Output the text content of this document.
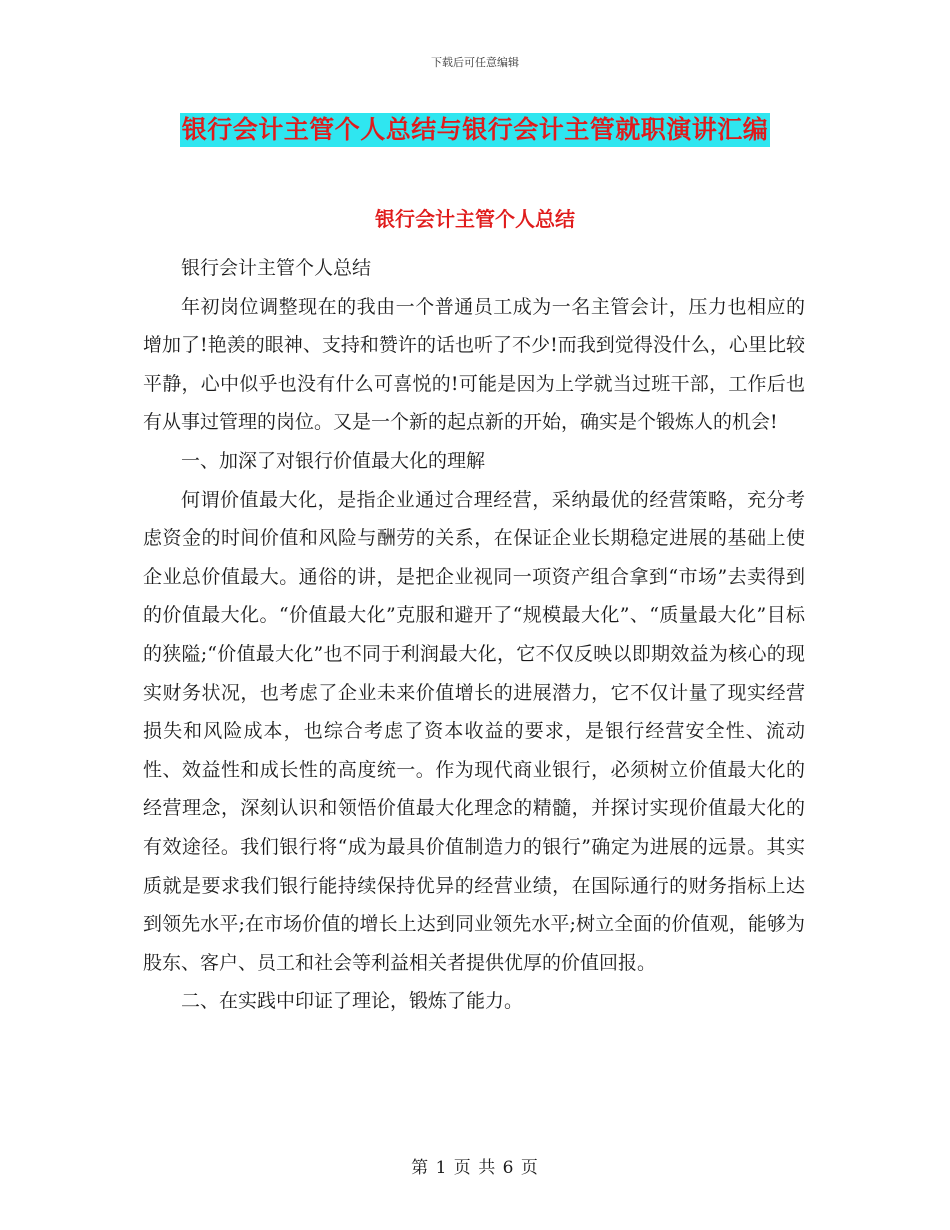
下载后可任意编辑
银行会计主管个人总结与银行会计主管就职演讲汇编
银行会计主管个人总结

银行会计主管个人总结

年初岗位调整现在的我由一个普通员工成为一名主管会计，压力也相应的增加了!艳羡的眼神、支持和赞许的话也听了不少!而我到觉得没什么，心里比较平静，心中似乎也没有什么可喜悦的!可能是因为上学就当过班干部，工作后也有从事过管理的岗位。又是一个新的起点新的开始，确实是个锻炼人的机会!

一、加深了对银行价值最大化的理解

何谓价值最大化，是指企业通过合理经营，采纳最优的经营策略，充分考虑资金的时间价值和风险与酬劳的关系，在保证企业长期稳定进展的基础上使企业总价值最大。通俗的讲，是把企业视同一项资产组合拿到“市场”去卖得到的价值最大化。“价值最大化”克服和避开了“规模最大化”、“质量最大化”目标的狭隘;“价值最大化”也不同于利润最大化，它不仅反映以即期效益为核心的现实财务状况，也考虑了企业未来价值增长的进展潜力，它不仅计量了现实经营损失和风险成本，也综合考虑了资本收益的要求，是银行经营安全性、流动性、效益性和成长性的高度统一。作为现代商业银行，必须树立价值最大化的经营理念，深刻认识和领悟价值最大化理念的精髓，并探讨实现价值最大化的有效途径。我们银行将“成为最具价值制造力的银行”确定为进展的远景。其实质就是要求我们银行能持续保持优异的经营业绩，在国际通行的财务指标上达到领先水平;在市场价值的增长上达到同业领先水平;树立全面的价值观，能够为股东、客户、员工和社会等利益相关者提供优厚的价值回报。

二、在实践中印证了理论，锻炼了能力。

第 1 页 共 6 页
